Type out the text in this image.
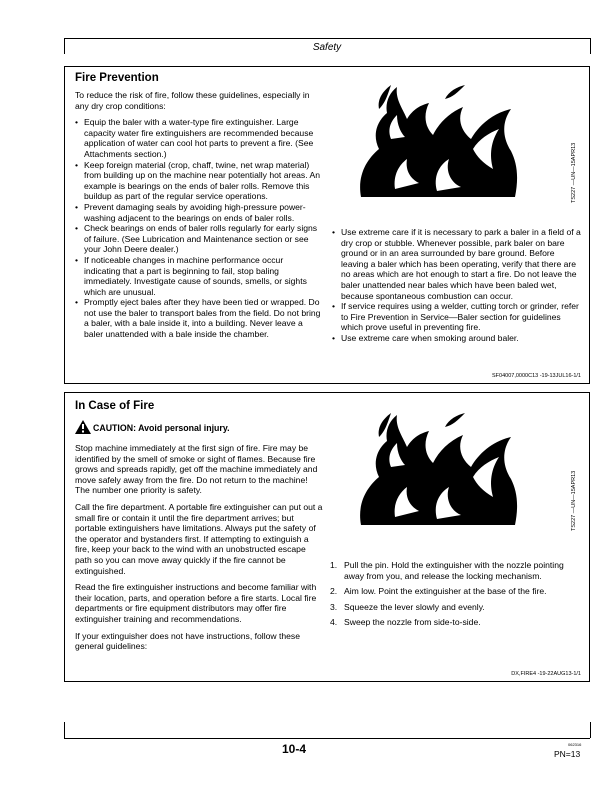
Safety
Fire Prevention

To reduce the risk of fire, follow these guidelines, especially in any dry crop conditions:

• Equip the baler with a water-type fire extinguisher. Large capacity water fire extinguishers are recommended because application of water can cool hot parts to prevent a fire. (See Attachments section.)
• Keep foreign material (crop, chaff, twine, net wrap material) from building up on the machine near potentially hot areas. An example is bearings on the ends of baler rolls. Remove this buildup as part of the regular service operations.
• Prevent damaging seals by avoiding high-pressure power-washing adjacent to the bearings on ends of baler rolls.
• Check bearings on ends of baler rolls regularly for early signs of failure. (See Lubrication and Maintenance section or see your John Deere dealer.)
• If noticeable changes in machine performance occur indicating that a part is beginning to fail, stop baling immediately. Investigate cause of sounds, smells, or sights which are unusual.
• Promptly eject bales after they have been tied or wrapped. Do not use the baler to transport bales from the field. Do not bring a baler, with a bale inside it, into a building. Never leave a baler unattended with a bale inside the chamber.
TS227 —UN—15APR13
• Use extreme care if it is necessary to park a baler in a field of a dry crop or stubble. Whenever possible, park baler on bare ground or in an area surrounded by bare ground. Before leaving a baler which has been operating, verify that there are no areas which are hot enough to start a fire. Do not leave the baler unattended near bales which have been baled wet, because spontaneous combustion can occur.
• If service requires using a welder, cutting torch or grinder, refer to Fire Prevention in Service—Baler section for guidelines which prove useful in preventing fire.
• Use extreme care when smoking around baler.
SF04007,0000C13 -19-13JUL16-1/1
In Case of Fire
CAUTION: Avoid personal injury.

Stop machine immediately at the first sign of fire. Fire may be identified by the smell of smoke or sight of flames. Because fire grows and spreads rapidly, get off the machine immediately and move safely away from the fire. Do not return to the machine! The number one priority is safety.

Call the fire department. A portable fire extinguisher can put out a small fire or contain it until the fire department arrives; but portable extinguishers have limitations. Always put the safety of the operator and bystanders first. If attempting to extinguish a fire, keep your back to the wind with an unobstructed escape path so you can move away quickly if the fire cannot be extinguished.

Read the fire extinguisher instructions and become familiar with their location, parts, and operation before a fire starts. Local fire departments or fire equipment distributors may offer fire extinguisher training and recommendations.

If your extinguisher does not have instructions, follow these general guidelines:

TS227 —UN—15APR13
1. Pull the pin. Hold the extinguisher with the nozzle pointing away from you, and release the locking mechanism.
2. Aim low. Point the extinguisher at the base of the fire.
3. Squeeze the lever slowly and evenly.
4. Sweep the nozzle from side-to-side.
DX,FIRE4 -19-22AUG13-1/1
10-4	062316
PN=13
